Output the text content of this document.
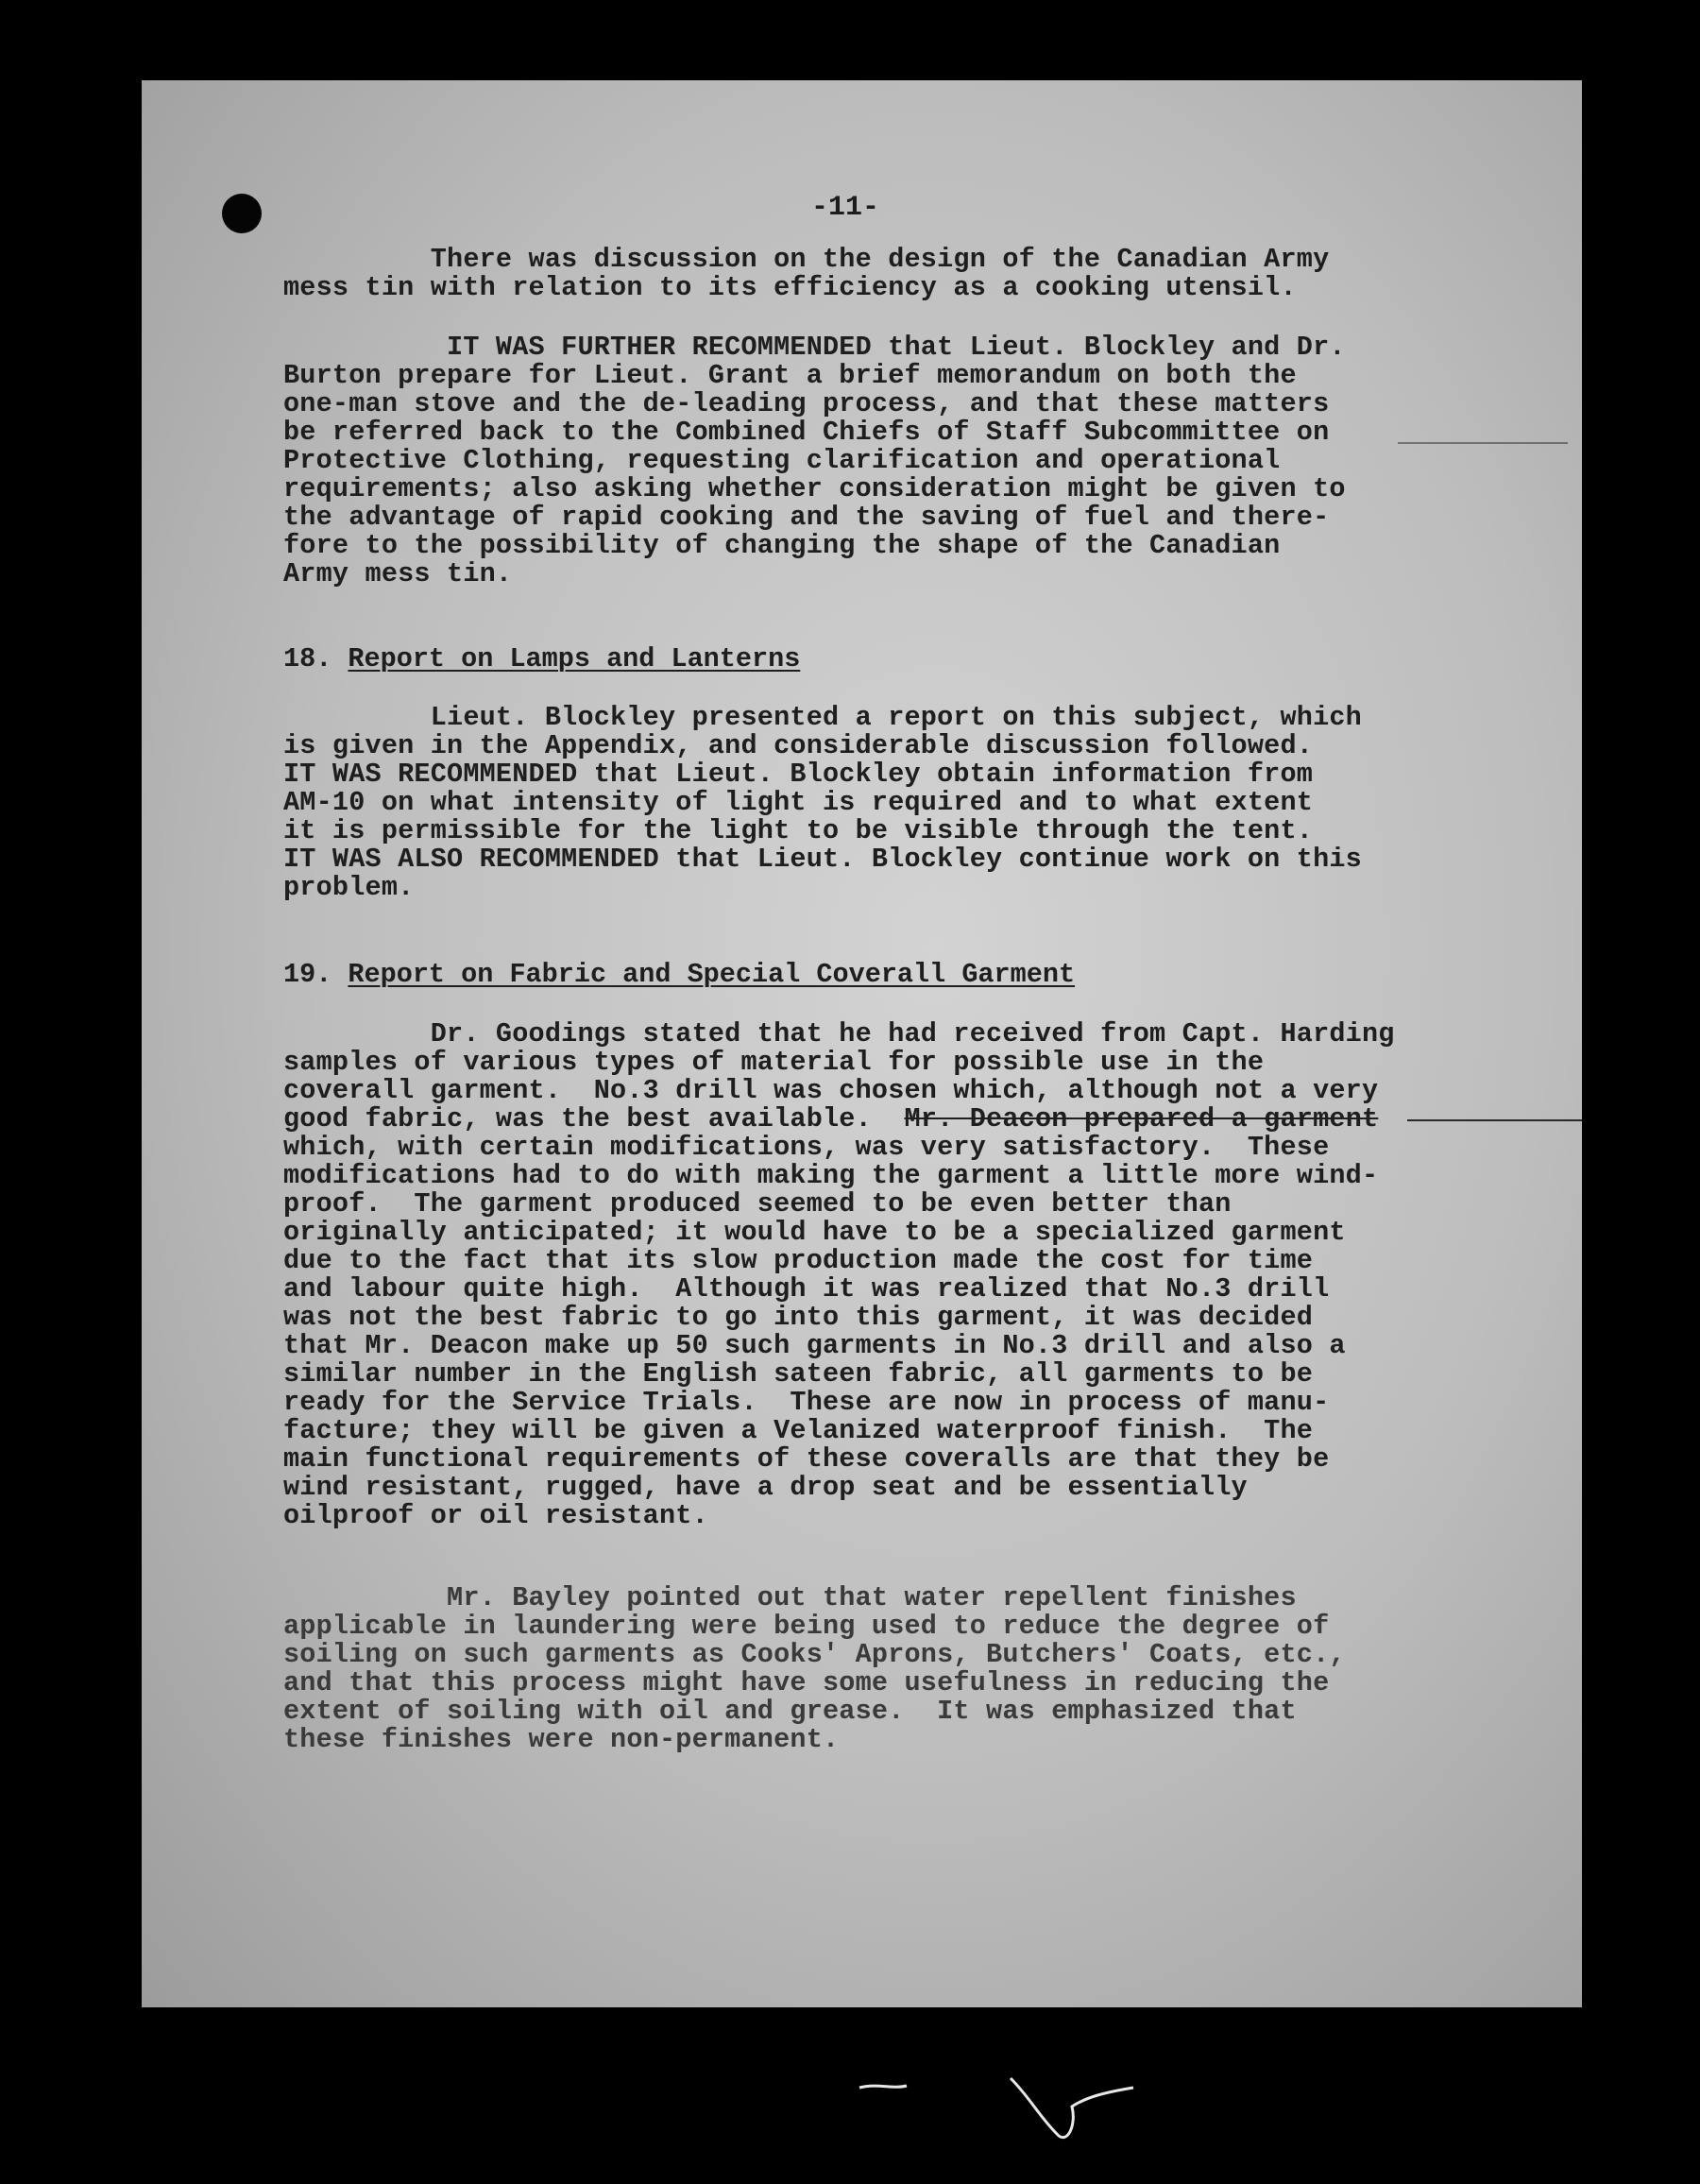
-11-
There was discussion on the design of the Canadian Army
mess tin with relation to its efficiency as a cooking utensil.
IT WAS FURTHER RECOMMENDED that Lieut. Blockley and Dr.
Burton prepare for Lieut. Grant a brief memorandum on both the
one-man stove and the de-leading process, and that these matters
be referred back to the Combined Chiefs of Staff Subcommittee on
Protective Clothing, requesting clarification and operational
requirements; also asking whether consideration might be given to
the advantage of rapid cooking and the saving of fuel and there-
fore to the possibility of changing the shape of the Canadian
Army mess tin.
18. Report on Lamps and Lanterns
Lieut. Blockley presented a report on this subject, which
is given in the Appendix, and considerable discussion followed.
IT WAS RECOMMENDED that Lieut. Blockley obtain information from
AM-10 on what intensity of light is required and to what extent
it is permissible for the light to be visible through the tent.
IT WAS ALSO RECOMMENDED that Lieut. Blockley continue work on this
problem.
19. Report on Fabric and Special Coverall Garment
Dr. Goodings stated that he had received from Capt. Harding
samples of various types of material for possible use in the
coverall garment.  No.3 drill was chosen which, although not a very
good fabric, was the best available.  Mr. Deacon prepared a garment
which, with certain modifications, was very satisfactory.  These
modifications had to do with making the garment a little more wind-
proof.  The garment produced seemed to be even better than
originally anticipated; it would have to be a specialized garment
due to the fact that its slow production made the cost for time
and labour quite high.  Although it was realized that No.3 drill
was not the best fabric to go into this garment, it was decided
that Mr. Deacon make up 50 such garments in No.3 drill and also a
similar number in the English sateen fabric, all garments to be
ready for the Service Trials.  These are now in process of manu-
facture; they will be given a Velanized waterproof finish.  The
main functional requirements of these coveralls are that they be
wind resistant, rugged, have a drop seat and be essentially
oilproof or oil resistant.
Mr. Bayley pointed out that water repellent finishes
applicable in laundering were being used to reduce the degree of
soiling on such garments as Cooks' Aprons, Butchers' Coats, etc.,
and that this process might have some usefulness in reducing the
extent of soiling with oil and grease.  It was emphasized that
these finishes were non-permanent.
